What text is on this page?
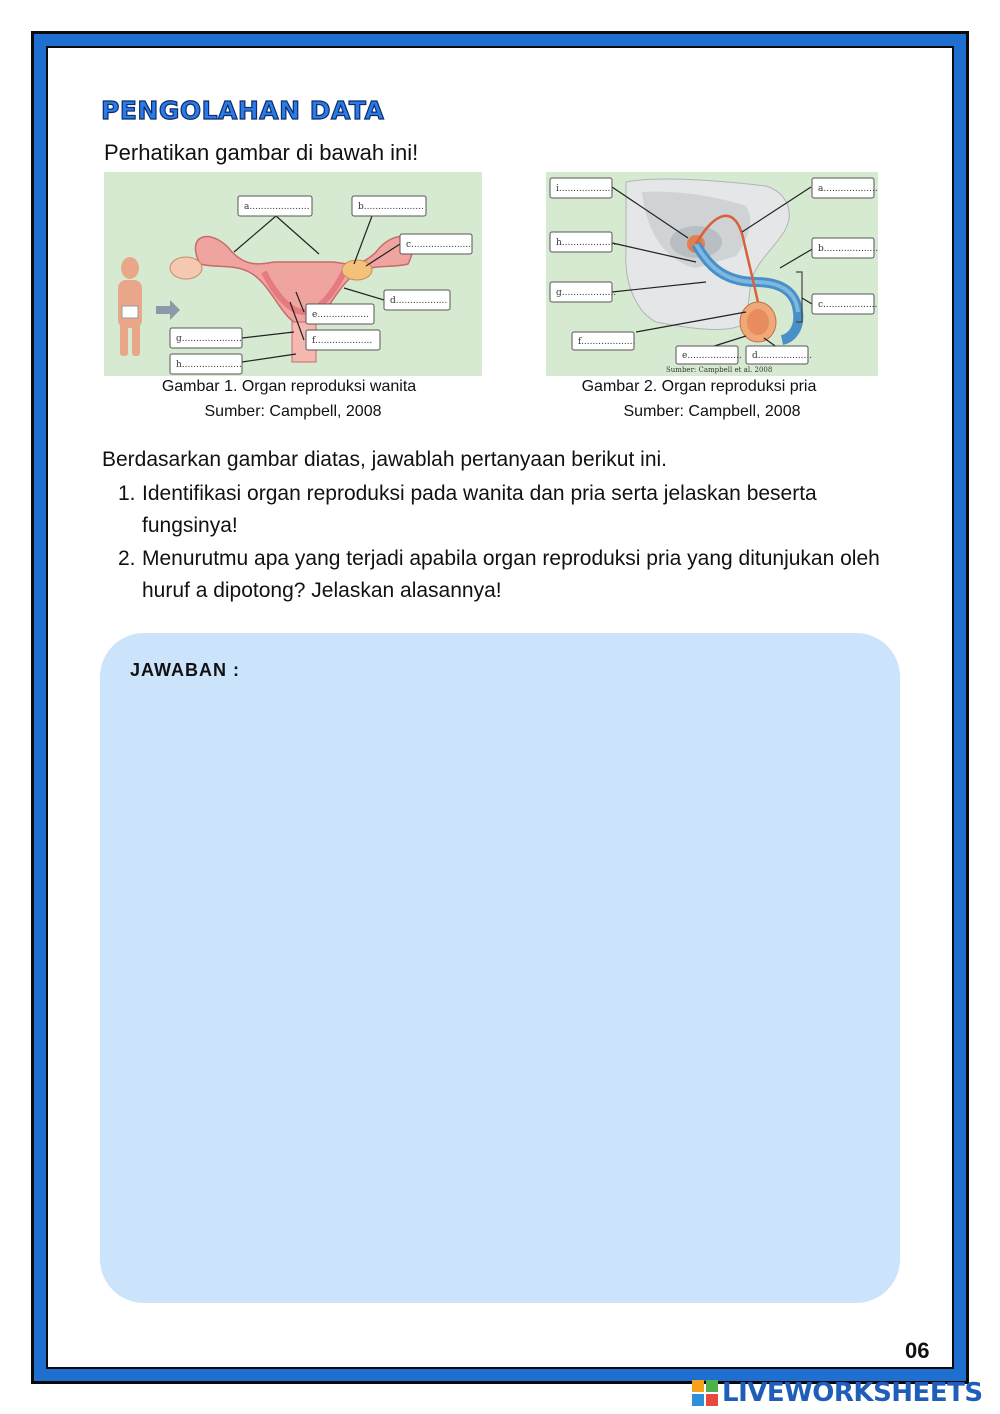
PENGOLAHAN DATA

Perhatikan gambar di bawah ini!

a.....................	b.....................
c.....................
d..................
e..................
f....................
g.....................
h.....................
i...................
h...................
g...................
f...................
a...................
b...................
c...................
e................... d...................
Sumber: Campbell et al. 2008

Gambar 1. Organ reproduksi wanita

Sumber: Campbell, 2008

Gambar 2. Organ reproduksi pria

Sumber: Campbell, 2008

Berdasarkan gambar diatas, jawablah pertanyaan berikut ini.

1. Identifikasi organ reproduksi pada wanita dan pria serta jelaskan beserta fungsinya!
2. Menurutmu apa yang terjadi apabila organ reproduksi pria yang ditunjukan oleh huruf a dipotong? Jelaskan alasannya!

JAWABAN :

06

LIVEWORKSHEETS
